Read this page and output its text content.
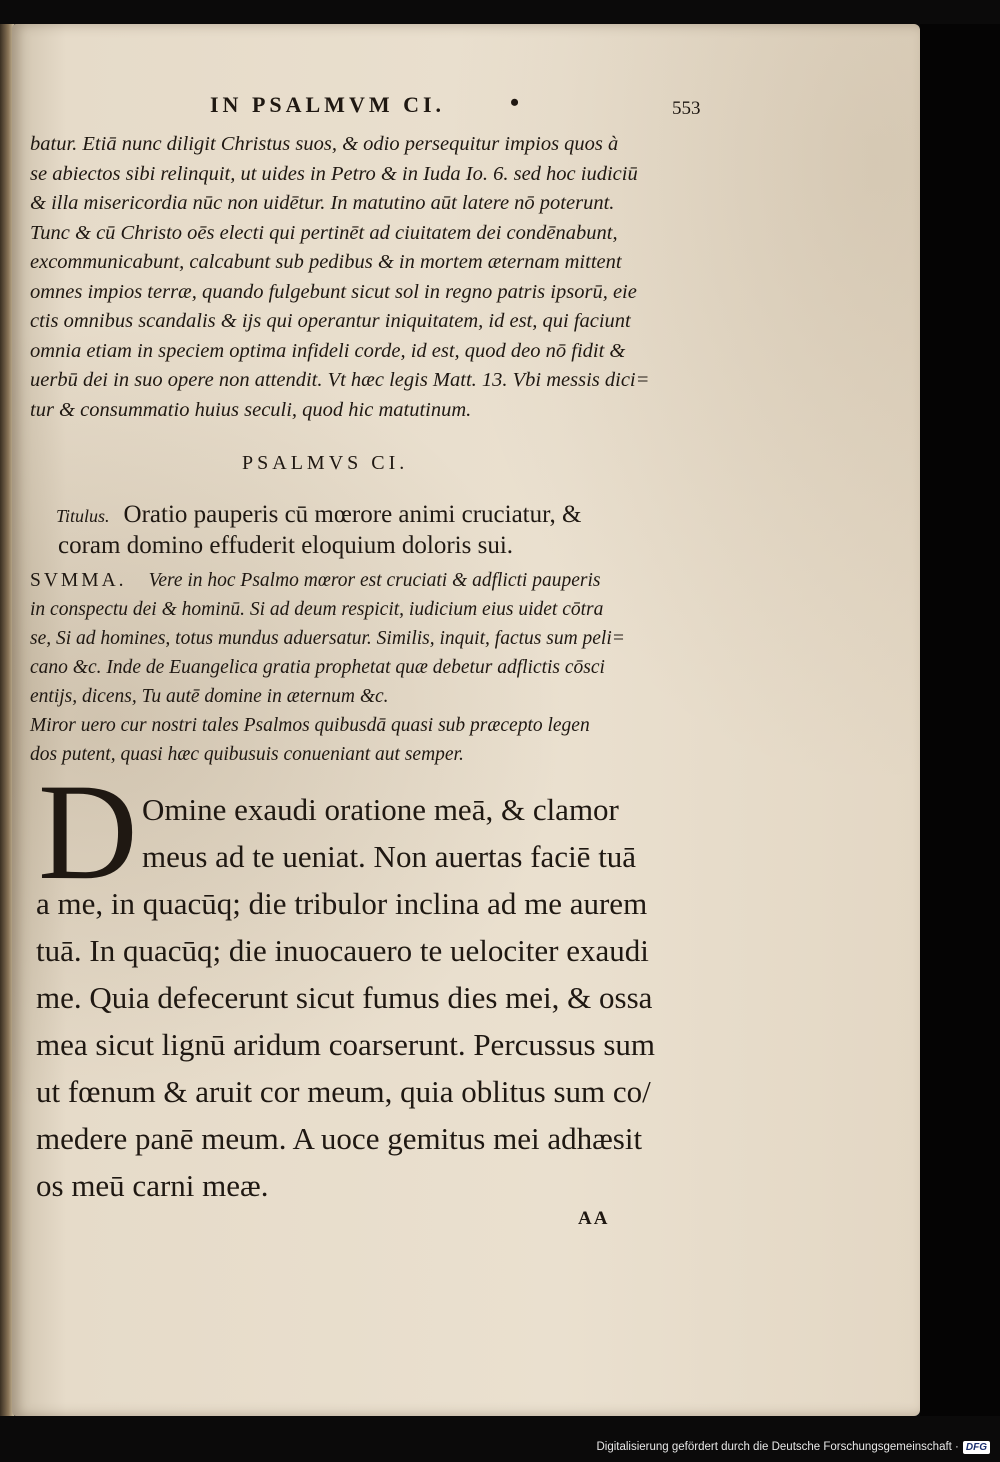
IN PSALMVM CI. •	553
batur. Etiā nunc diligit Christus suos, & odio persequitur impios quos à
se abiectos sibi relinquit, ut uides in Petro & in Iuda Io. 6. sed hoc iudiciū
& illa misericordia nūc non uidētur. In matutino aūt latere nō poterunt.
Tunc & cū Christo oēs electi qui pertinēt ad ciuitatem dei condēnabunt,
excommunicabunt, calcabunt sub pedibus & in mortem æternam mittent
omnes impios terræ, quando fulgebunt sicut sol in regno patris ipsorū, eie
ctis omnibus scandalis & ijs qui operantur iniquitatem, id est, qui faciunt
omnia etiam in speciem optima infideli corde, id est, quod deo nō fidit &
uerbū dei in suo opere non attendit. Vt hæc legis Matt. 13. Vbi messis dici=
tur & consummatio huius seculi, quod hic matutinum.
PSALMVS CI.
Titulus. Oratio pauperis cū mœrore animi cruciatur, &
coram domino effuderit eloquium doloris sui.
SVMMA. Vere in hoc Psalmo mœror est cruciati & adflicti pauperis
in conspectu dei & hominū. Si ad deum respicit, iudicium eius uidet cōtra
se, Si ad homines, totus mundus aduersatur. Similis, inquit, factus sum peli=
cano &c. Inde de Euangelica gratia prophetat quæ debetur adflictis cōsci
entijs, dicens, Tu autē domine in æternum &c.
Miror uero cur nostri tales Psalmos quibusdā quasi sub præcepto legen
dos putent, quasi hæc quibusuis conueniant aut semper.
D Omine exaudi oratione meā, & clamor
meus ad te ueniat. Non auertas faciē tuā
a me, in quacūq; die tribulor inclina ad me aurem
tuā. In quacūq; die inuocauero te uelociter exaudi
me. Quia defecerunt sicut fumus dies mei, & ossa
mea sicut lignū aridum coarserunt. Percussus sum
ut fœnum & aruit cor meum, quia oblitus sum co/
medere panē meum. A uoce gemitus mei adhæsit
os meū carni meæ.
AA
Digitalisierung gefördert durch die Deutsche Forschungsgemeinschaft · DFG
